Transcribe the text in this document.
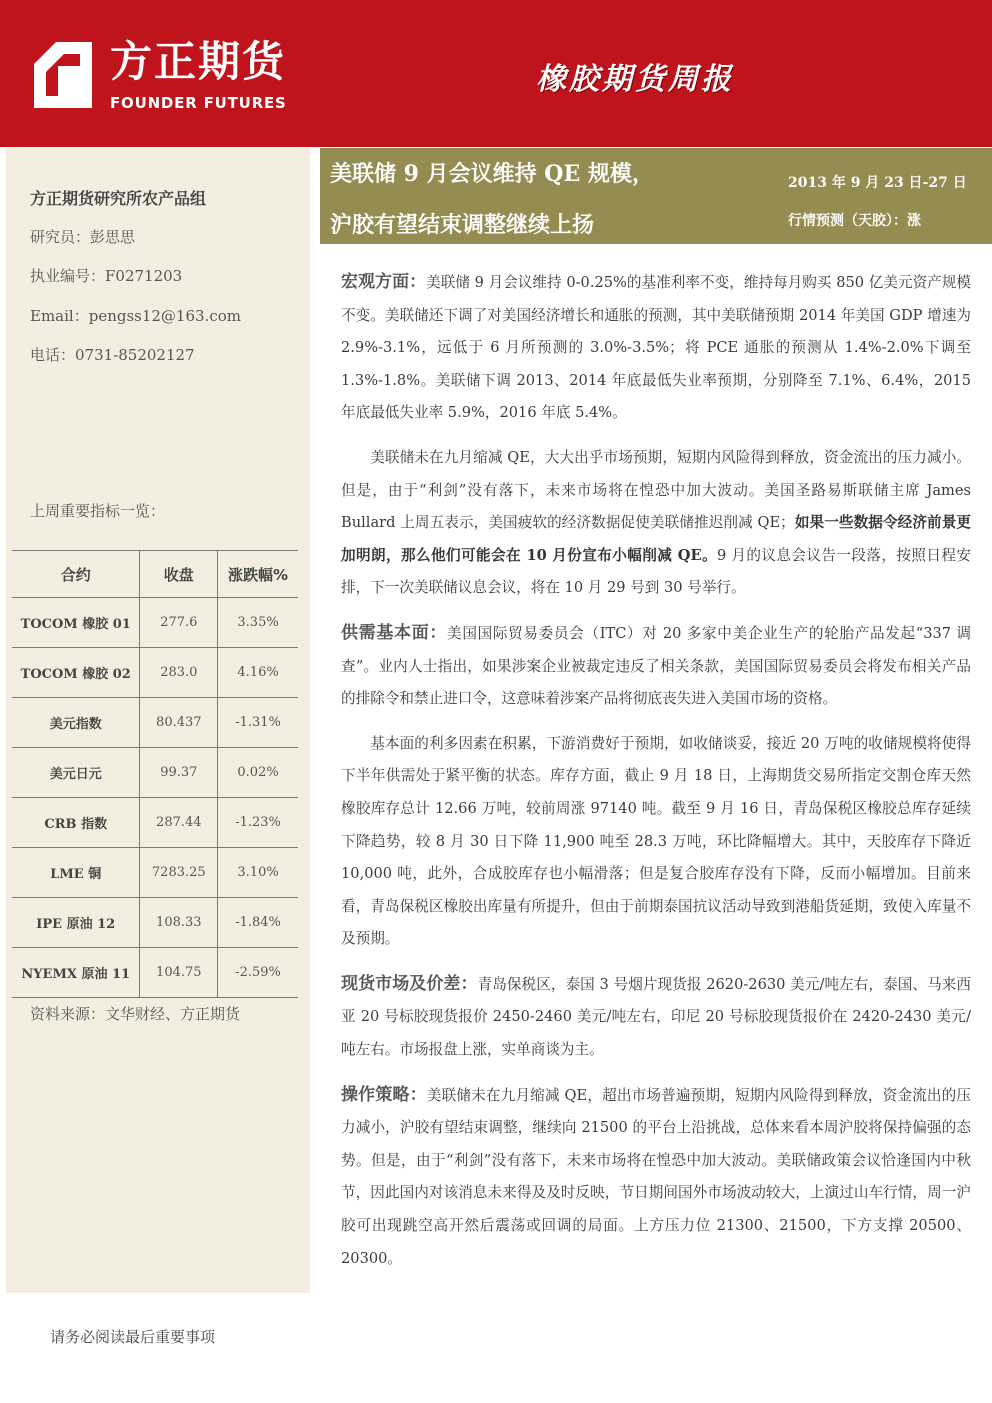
方正期货
FOUNDER FUTURES
橡胶期货周报
方正期货研究所农产品组
研究员：彭思思
执业编号：F0271203
Email：pengss12@163.com
电话：0731-85202127
上周重要指标一览：
合约	收盘	涨跌幅%
TOCOM 橡胶 01	277.6	3.35%
TOCOM 橡胶 02	283.0	4.16%
美元指数	80.437	-1.31%
美元日元	99.37	0.02%
CRB 指数	287.44	-1.23%
LME 铜	7283.25	3.10%
IPE 原油 12	108.33	-1.84%
NYEMX 原油 11	104.75	-2.59%
资料来源：文华财经、方正期货
美联储 9 月会议维持 QE 规模，
沪胶有望结束调整继续上扬
2013 年 9 月 23 日-27 日
行情预测（天胶）：涨

宏观方面：美联储 9 月会议维持 0-0.25%的基准利率不变，维持每月购买 850 亿美元资产规模不变。美联储还下调了对美国经济增长和通胀的预测，其中美联储预期 2014 年美国 GDP 增速为 2.9%-3.1%，远低于 6 月所预测的 3.0%-3.5%；将 PCE 通胀的预测从 1.4%-2.0%下调至 1.3%-1.8%。美联储下调 2013、2014 年底最低失业率预期，分别降至 7.1%、6.4%，2015 年底最低失业率 5.9%，2016 年底 5.4%。

美联储未在九月缩减 QE，大大出乎市场预期，短期内风险得到释放，资金流出的压力减小。但是，由于“利剑”没有落下，未来市场将在惶恐中加大波动。美国圣路易斯联储主席 James Bullard 上周五表示，美国疲软的经济数据促使美联储推迟削减 QE；如果一些数据令经济前景更加明朗，那么他们可能会在 10 月份宣布小幅削减 QE。9 月的议息会议告一段落，按照日程安排，下一次美联储议息会议，将在 10 月 29 号到 30 号举行。

供需基本面：美国国际贸易委员会（ITC）对 20 多家中美企业生产的轮胎产品发起“337 调查”。业内人士指出，如果涉案企业被裁定违反了相关条款，美国国际贸易委员会将发布相关产品的排除令和禁止进口令，这意味着涉案产品将彻底丧失进入美国市场的资格。

基本面的利多因素在积累，下游消费好于预期，如收储谈妥，接近 20 万吨的收储规模将使得下半年供需处于紧平衡的状态。库存方面，截止 9 月 18 日，上海期货交易所指定交割仓库天然橡胶库存总计 12.66 万吨，较前周涨 97140 吨。截至 9 月 16 日，青岛保税区橡胶总库存延续下降趋势，较 8 月 30 日下降 11,900 吨至 28.3 万吨，环比降幅增大。其中，天胶库存下降近 10,000 吨，此外，合成胶库存也小幅滑落；但是复合胶库存没有下降，反而小幅增加。目前来看，青岛保税区橡胶出库量有所提升，但由于前期泰国抗议活动导致到港船货延期，致使入库量不及预期。

现货市场及价差：青岛保税区，泰国 3 号烟片现货报 2620-2630 美元/吨左右，泰国、马来西亚 20 号标胶现货报价 2450-2460 美元/吨左右，印尼 20 号标胶现货报价在 2420-2430 美元/吨左右。市场报盘上涨，实单商谈为主。

操作策略：美联储未在九月缩减 QE，超出市场普遍预期，短期内风险得到释放，资金流出的压力减小，沪胶有望结束调整，继续向 21500 的平台上沿挑战，总体来看本周沪胶将保持偏强的态势。但是，由于“利剑”没有落下，未来市场将在惶恐中加大波动。美联储政策会议恰逢国内中秋节，因此国内对该消息未来得及及时反映，节日期间国外市场波动较大，上演过山车行情，周一沪胶可出现跳空高开然后震荡或回调的局面。上方压力位 21300、21500，下方支撑 20500、20300。

请务必阅读最后重要事项
